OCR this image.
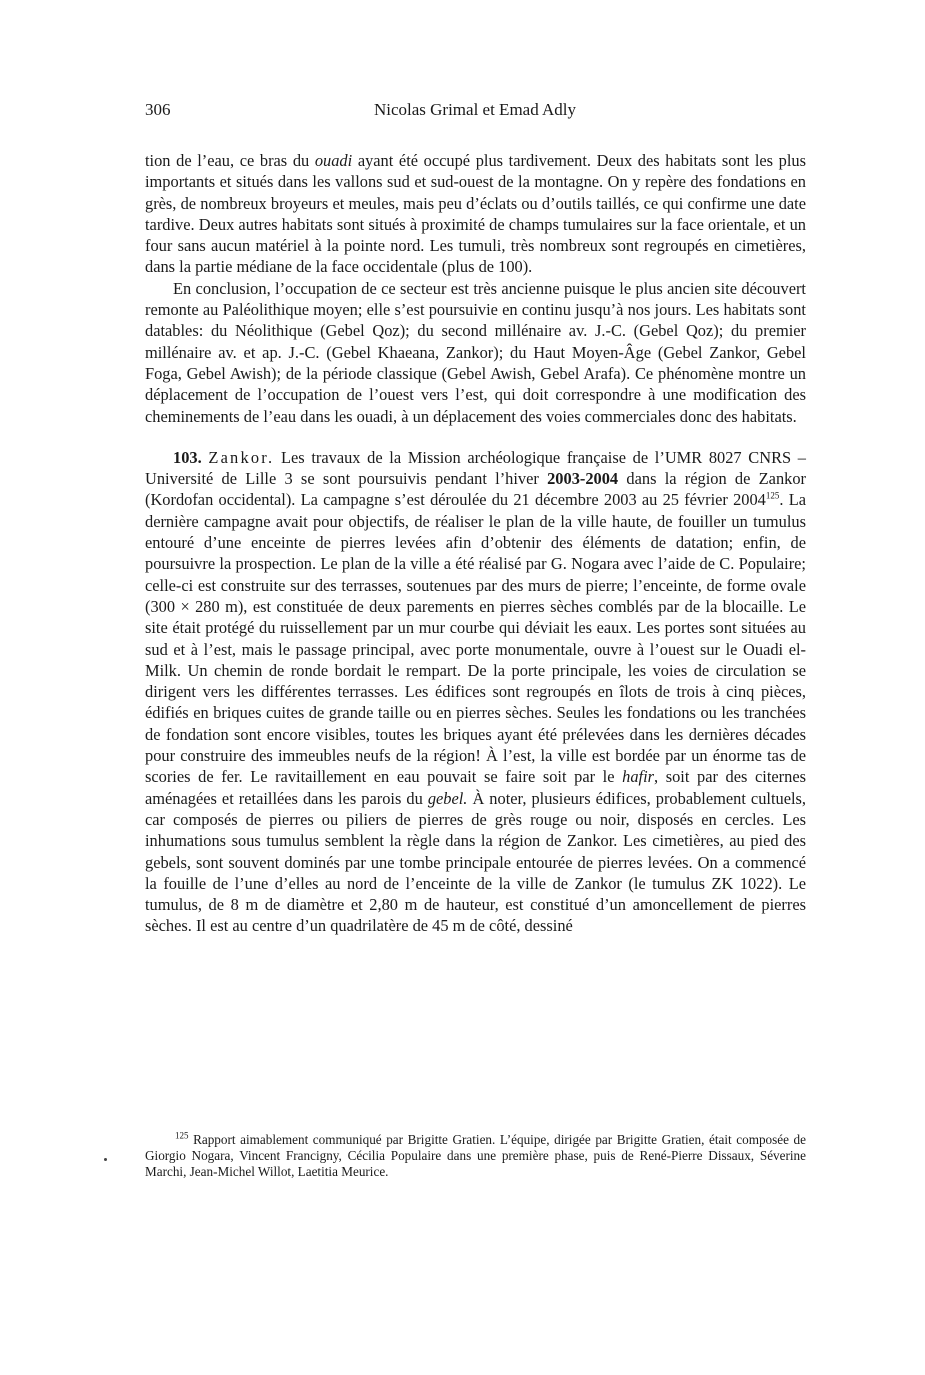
306	Nicolas Grimal et Emad Adly

tion de l’eau, ce bras du ouadi ayant été occupé plus tardivement. Deux des habitats sont les plus importants et situés dans les vallons sud et sud-ouest de la montagne. On y repère des fondations en grès, de nombreux broyeurs et meules, mais peu d’éclats ou d’outils taillés, ce qui confirme une date tardive. Deux autres habitats sont situés à proximité de champs tumulaires sur la face orientale, et un four sans aucun matériel à la pointe nord. Les tumuli, très nombreux sont regroupés en cimetières, dans la partie médiane de la face occidentale (plus de 100).

En conclusion, l’occupation de ce secteur est très ancienne puisque le plus ancien site découvert remonte au Paléolithique moyen; elle s’est poursuivie en continu jusqu’à nos jours. Les habitats sont datables: du Néolithique (Gebel Qoz); du second millénaire av. J.-C. (Gebel Qoz); du premier millénaire av. et ap. J.-C. (Gebel Khaeana, Zankor); du Haut Moyen-Âge (Gebel Zankor, Gebel Foga, Gebel Awish); de la période classique (Gebel Awish, Gebel Arafa). Ce phénomène montre un déplacement de l’occupation de l’ouest vers l’est, qui doit correspondre à une modification des cheminements de l’eau dans les ouadi, à un déplacement des voies commerciales donc des habitats.

103. Zankor. Les travaux de la Mission archéologique française de l’UMR 8027 CNRS – Université de Lille 3 se sont poursuivis pendant l’hiver 2003-2004 dans la région de Zankor (Kordofan occidental). La campagne s’est déroulée du 21 décembre 2003 au 25 février 2004$^{125}$. La dernière campagne avait pour objectifs, de réaliser le plan de la ville haute, de fouiller un tumulus entouré d’une enceinte de pierres levées afin d’obtenir des éléments de datation; enfin, de poursuivre la prospection. Le plan de la ville a été réalisé par G. Nogara avec l’aide de C. Populaire; celle-ci est construite sur des terrasses, soutenues par des murs de pierre; l’enceinte, de forme ovale (300 × 280 m), est constituée de deux parements en pierres sèches comblés par de la blocaille. Le site était protégé du ruissellement par un mur courbe qui déviait les eaux. Les portes sont situées au sud et à l’est, mais le passage principal, avec porte monumentale, ouvre à l’ouest sur le Ouadi el-Milk. Un chemin de ronde bordait le rempart. De la porte principale, les voies de circulation se dirigent vers les différentes terrasses. Les édifices sont regroupés en îlots de trois à cinq pièces, édifiés en briques cuites de grande taille ou en pierres sèches. Seules les fondations ou les tranchées de fondation sont encore visibles, toutes les briques ayant été prélevées dans les dernières décades pour construire des immeubles neufs de la région! À l’est, la ville est bordée par un énorme tas de scories de fer. Le ravitaillement en eau pouvait se faire soit par le hafir, soit par des citernes aménagées et retaillées dans les parois du gebel. À noter, plusieurs édifices, probablement cultuels, car composés de pierres ou piliers de pierres de grès rouge ou noir, disposés en cercles. Les inhumations sous tumulus semblent la règle dans la région de Zankor. Les cimetières, au pied des gebels, sont souvent dominés par une tombe principale entourée de pierres levées. On a commencé la fouille de l’une d’elles au nord de l’enceinte de la ville de Zankor (le tumulus ZK 1022). Le tumulus, de 8 m de diamètre et 2,80 m de hauteur, est constitué d’un amoncellement de pierres sèches. Il est au centre d’un quadrilatère de 45 m de côté, dessiné

$^{125}$ Rapport aimablement communiqué par Brigitte Gratien. L’équipe, dirigée par Brigitte Gratien, était composée de Giorgio Nogara, Vincent Francigny, Cécilia Populaire dans une première phase, puis de René-Pierre Dissaux, Séverine Marchi, Jean-Michel Willot, Laetitia Meurice.
